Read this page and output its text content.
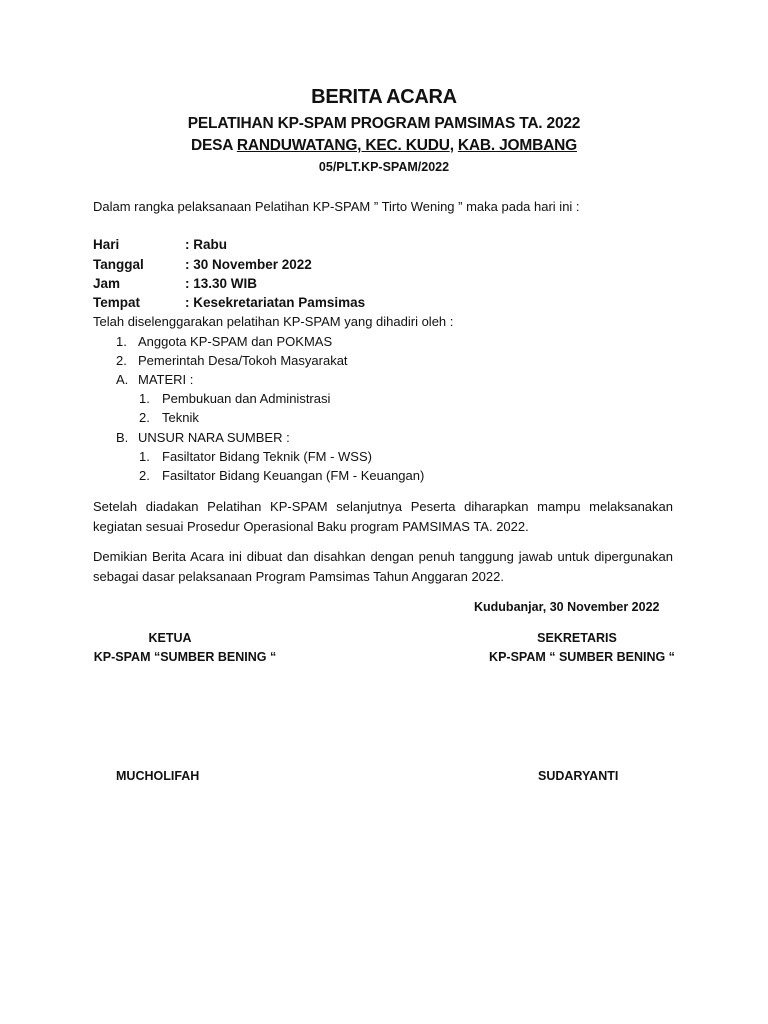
BERITA ACARA
PELATIHAN KP-SPAM PROGRAM PAMSIMAS TA. 2022
DESA RANDUWATANG, KEC. KUDU, KAB. JOMBANG
05/PLT.KP-SPAM/2022
Dalam rangka pelaksanaan Pelatihan KP-SPAM ” Tirto Wening ” maka pada hari ini :
Hari	: Rabu
Tanggal	: 30 November 2022
Jam	: 13.30 WIB
Tempat	: Kesekretariatan Pamsimas
Telah diselenggarakan pelatihan KP-SPAM yang dihadiri oleh :
1. Anggota KP-SPAM dan POKMAS
2. Pemerintah Desa/Tokoh Masyarakat
A. MATERI :
1. Pembukuan dan Administrasi
2. Teknik
B. UNSUR NARA SUMBER :
1. Fasiltator Bidang Teknik (FM - WSS)
2. Fasiltator Bidang Keuangan (FM - Keuangan)
Setelah diadakan Pelatihan KP-SPAM selanjutnya Peserta diharapkan mampu melaksanakan kegiatan sesuai Prosedur Operasional Baku program PAMSIMAS TA. 2022.
Demikian Berita Acara ini dibuat dan disahkan dengan penuh tanggung jawab untuk dipergunakan sebagai dasar pelaksanaan Program Pamsimas Tahun Anggaran 2022.
Kudubanjar, 30 November 2022
KETUA
KP-SPAM “SUMBER BENING “
MUCHOLIFAH
SEKRETARIS
KP-SPAM “ SUMBER BENING “
SUDARYANTI
